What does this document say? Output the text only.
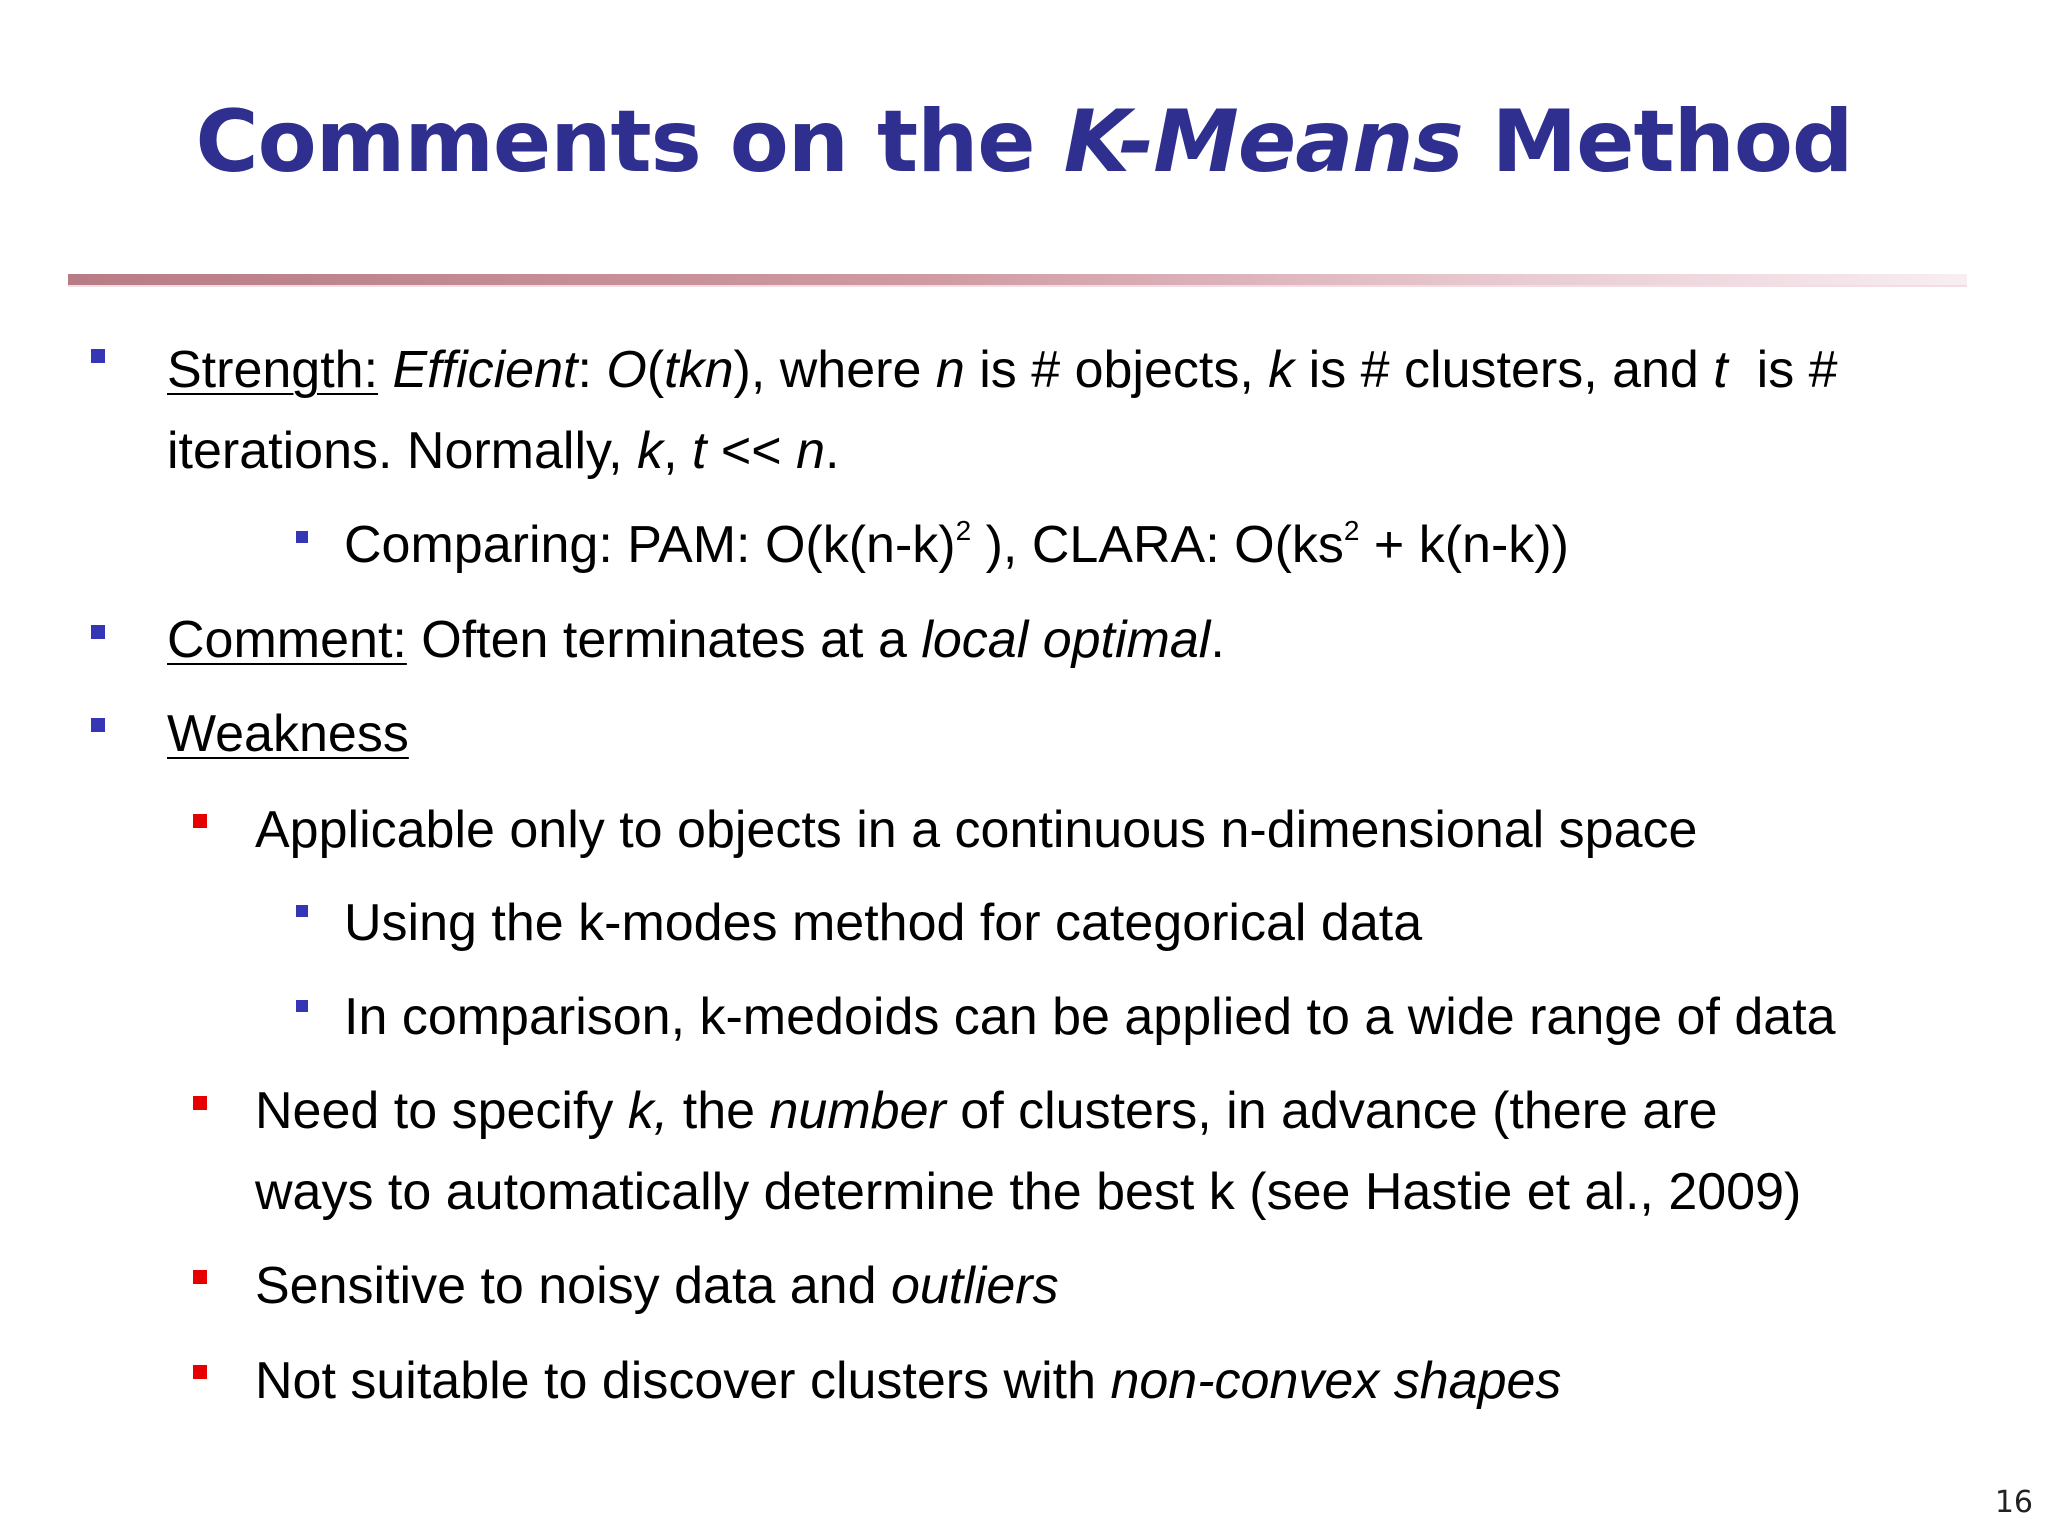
Comments on the K-Means Method
Strength: Efficient: O(tkn), where n is # objects, k is # clusters, and t  is #
iterations. Normally, k, t << n.
Comparing: PAM: $O(k(n-k)^2$ ), CLARA: $O(ks^2 + k(n-k))$
Comment: Often terminates at a local optimal.
Weakness
Applicable only to objects in a continuous n-dimensional space
Using the k-modes method for categorical data
In comparison, k-medoids can be applied to a wide range of data
Need to specify k, the number of clusters, in advance (there are
ways to automatically determine the best k (see Hastie et al., 2009)
Sensitive to noisy data and outliers
Not suitable to discover clusters with non-convex shapes
16
